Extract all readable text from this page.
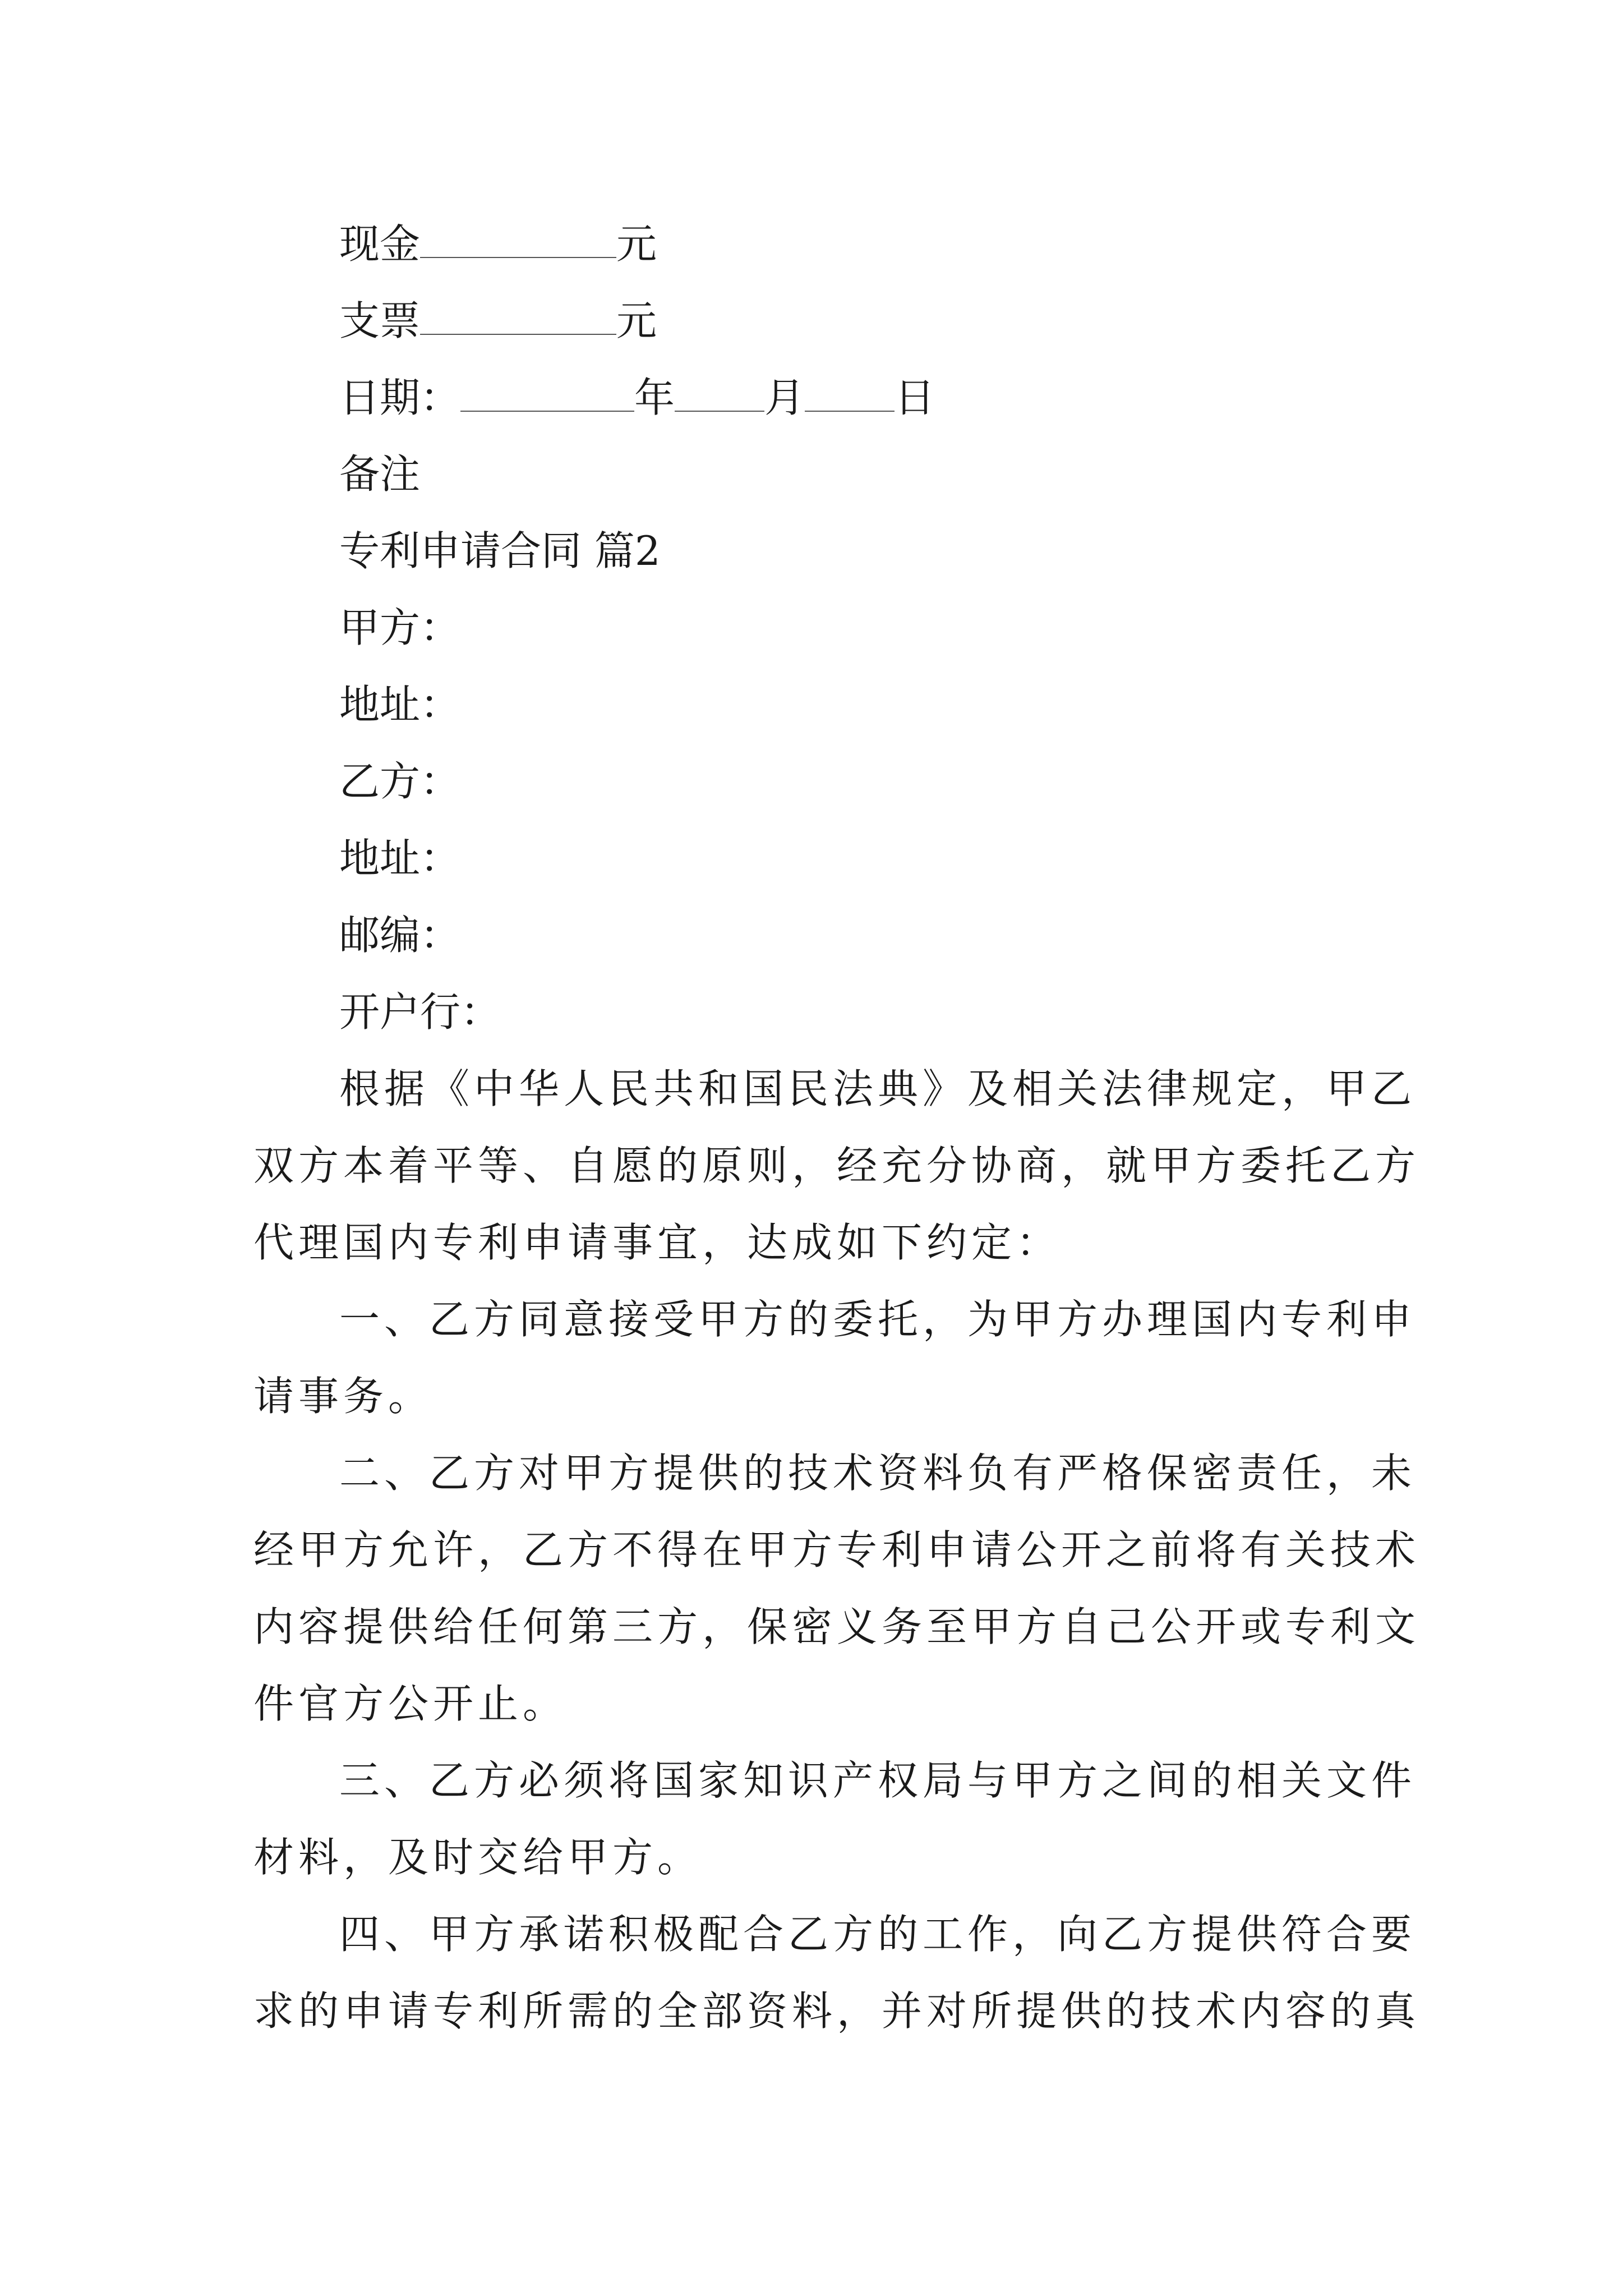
现金	元
支票	元
日期：	年 月 日
备注
专利申请合同 篇2
甲方：
地址：
乙方：
地址：
邮编：
开户行：
根据《中华人民共和国民法典》及相关法律规定，甲乙
双方本着平等、自愿的原则，经充分协商，就甲方委托乙方
代理国内专利申请事宜，达成如下约定：
一、乙方同意接受甲方的委托，为甲方办理国内专利申
请事务。
二、乙方对甲方提供的技术资料负有严格保密责任，未
经甲方允许，乙方不得在甲方专利申请公开之前将有关技术
内容提供给任何第三方，保密义务至甲方自己公开或专利文
件官方公开止。
三、乙方必须将国家知识产权局与甲方之间的相关文件
材料，及时交给甲方。
四、甲方承诺积极配合乙方的工作，向乙方提供符合要
求的申请专利所需的全部资料，并对所提供的技术内容的真
